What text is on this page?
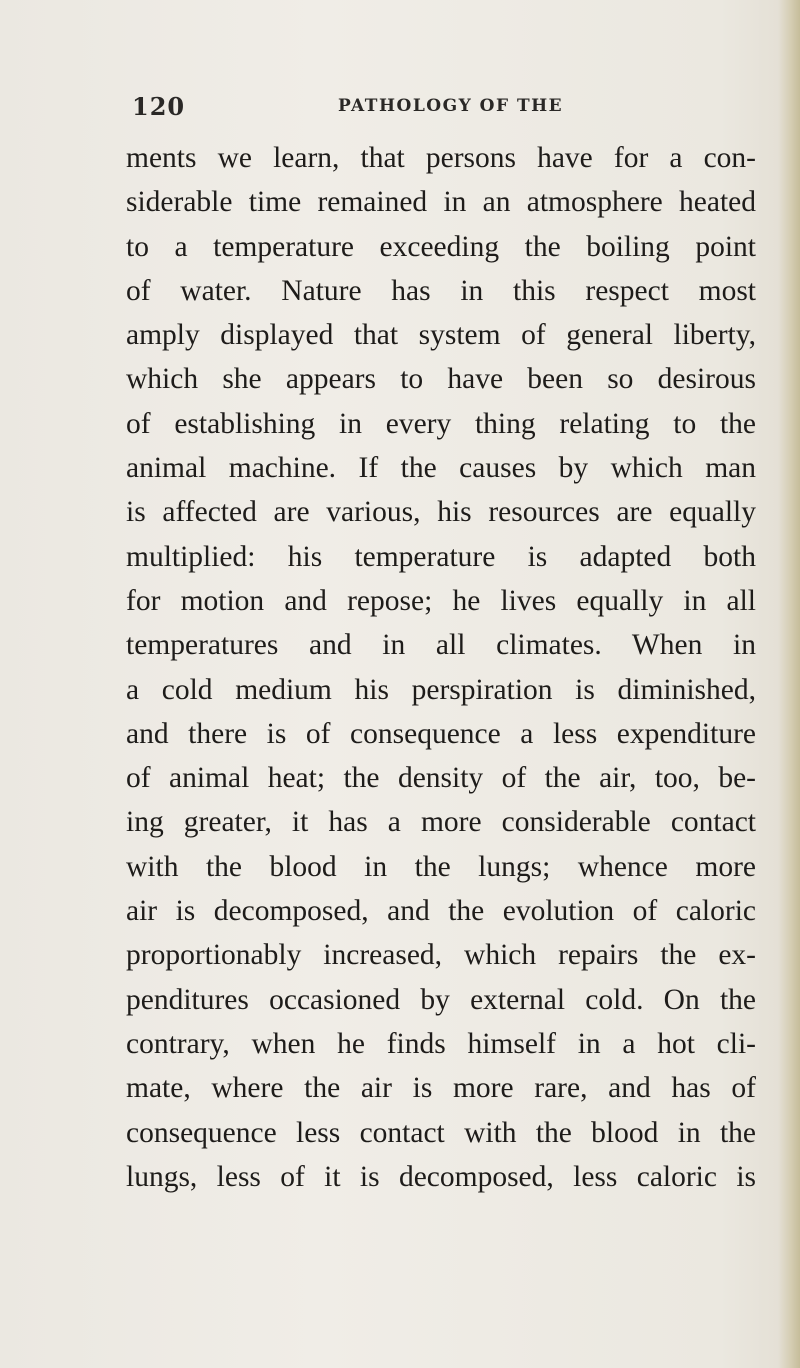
120	PATHOLOGY OF THE
ments we learn, that persons have for a con-
siderable time remained in an atmosphere heated
to a temperature exceeding the boiling point
of water. Nature has in this respect most
amply displayed that system of general liberty,
which she appears to have been so desirous
of establishing in every thing relating to the
animal machine. If the causes by which man
is affected are various, his resources are equally
multiplied: his temperature is adapted both
for motion and repose; he lives equally in all
temperatures and in all climates. When in
a cold medium his perspiration is diminished,
and there is of consequence a less expenditure
of animal heat; the density of the air, too, be-
ing greater, it has a more considerable contact
with the blood in the lungs; whence more
air is decomposed, and the evolution of caloric
proportionably increased, which repairs the ex-
penditures occasioned by external cold. On the
contrary, when he finds himself in a hot cli-
mate, where the air is more rare, and has of
consequence less contact with the blood in the
lungs, less of it is decomposed, less caloric is
